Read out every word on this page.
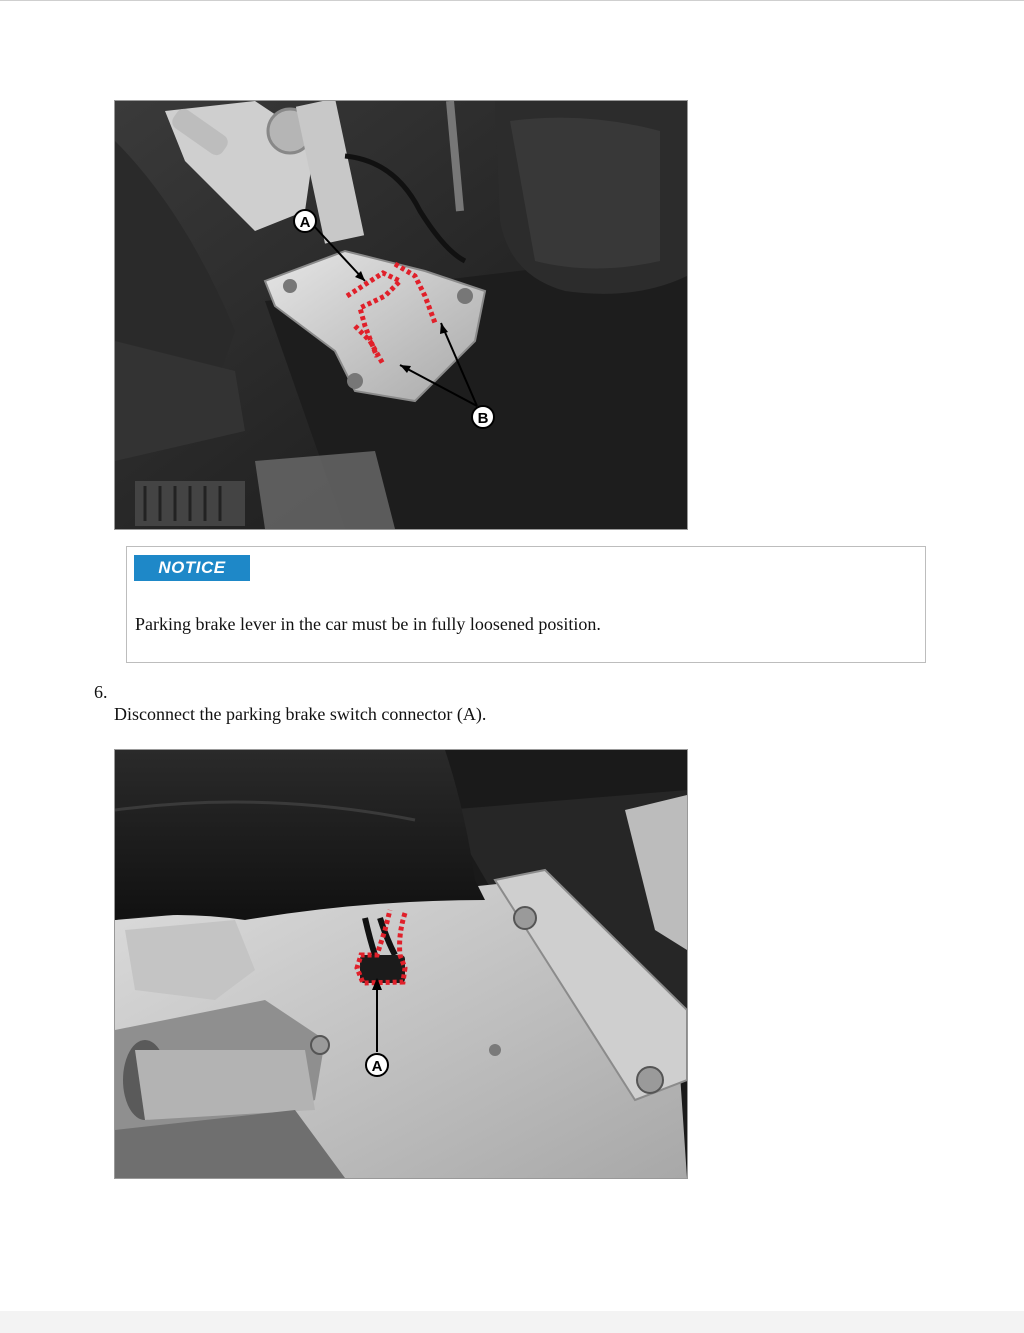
A
B
NOTICE
Parking brake lever in the car must be in fully loosened position.
6.
Disconnect the parking brake switch connector (A).
A
